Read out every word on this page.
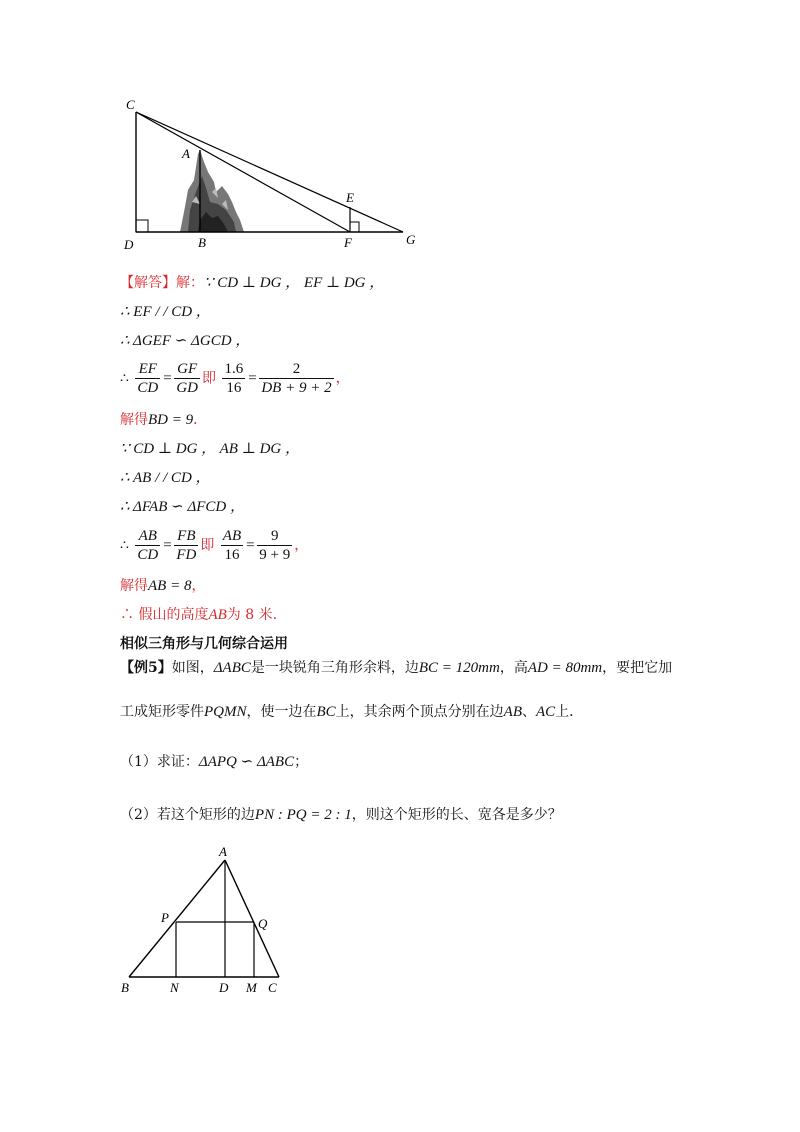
C
A
E
D	B	F	G
【解答】解：∵ CD ⊥ DG ， EF ⊥ DG ，
∴ EF / / CD ，
∴ ΔGEF ∽ ΔGCD ，
∴ $\frac{EF}{CD} = \frac{GF}{GD}$ 即 $\frac{1.6}{16} = \frac{2}{DB + 9 + 2}$ ，
解得BD = 9．
∵ CD ⊥ DG ， AB ⊥ DG ，
∴ AB / / CD ，
∴ ΔFAB ∽ ΔFCD ，
∴ $\frac{AB}{CD} = \frac{FB}{FD}$ 即 $\frac{AB}{16} = \frac{9}{9 + 9}$ ，
解得AB = 8，
∴ 假山的高度AB为 8 米．
相似三角形与几何综合运用
【例5】如图，ΔABC是一块锐角三角形余料，边BC = 120mm，高AD = 80mm，要把它加
工成矩形零件PQMN，使一边在BC上，其余两个顶点分别在边AB、AC上．
（1）求证：ΔAPQ ∽ ΔABC；
（2）若这个矩形的边PN : PQ = 2 : 1，则这个矩形的长、宽各是多少？
A
P	Q
B	N	D M C
